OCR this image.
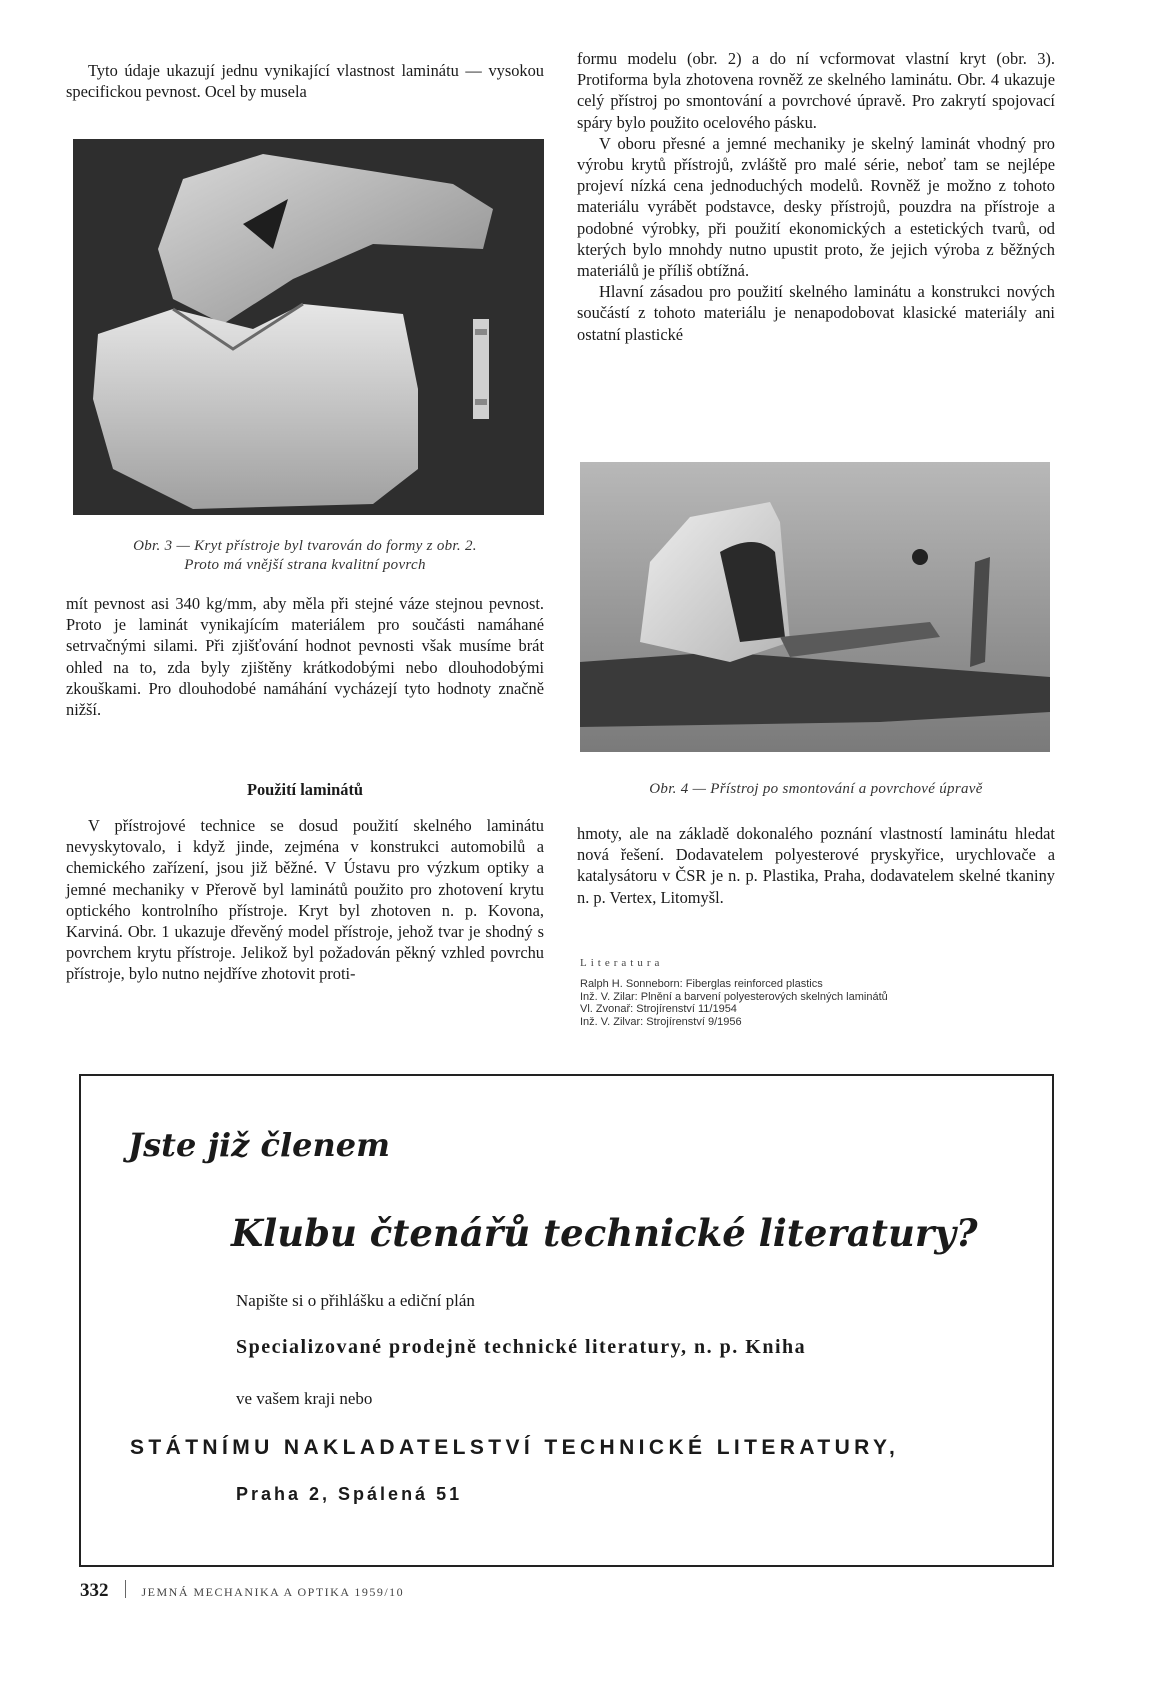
Tyto údaje ukazují jednu vynikající vlastnost laminátu — vysokou specifickou pevnost. Ocel by musela

Obr. 3 — Kryt přístroje byl tvarován do formy z obr. 2.
Proto má vnější strana kvalitní povrch

mít pevnost asi 340 kg/mm, aby měla při stejné váze stejnou pevnost. Proto je laminát vynikajícím materiálem pro součásti namáhané setrvačnými silami. Při zjišťování hodnot pevnosti však musíme brát ohled na to, zda byly zjištěny krátkodobými nebo dlouhodobými zkouškami. Pro dlouhodobé namáhání vycházejí tyto hodnoty značně nižší.

Použití laminátů

V přístrojové technice se dosud použití skelného laminátu nevyskytovalo, i když jinde, zejména v konstrukci automobilů a chemického zařízení, jsou již běžné. V Ústavu pro výzkum optiky a jemné mechaniky v Přerově byl laminátů použito pro zhotovení krytu optického kontrolního přístroje. Kryt byl zhotoven n. p. Kovona, Karviná. Obr. 1 ukazuje dřevěný model přístroje, jehož tvar je shodný s povrchem krytu přístroje. Jelikož byl požadován pěkný vzhled povrchu přístroje, bylo nutno nejdříve zhotovit proti-

formu modelu (obr. 2) a do ní vcformovat vlastní kryt (obr. 3). Protiforma byla zhotovena rovněž ze skelného laminátu. Obr. 4 ukazuje celý přístroj po smontování a povrchové úpravě. Pro zakrytí spojovací spáry bylo použito ocelového pásku.

V oboru přesné a jemné mechaniky je skelný laminát vhodný pro výrobu krytů přístrojů, zvláště pro malé série, neboť tam se nejlépe projeví nízká cena jednoduchých modelů. Rovněž je možno z tohoto materiálu vyrábět podstavce, desky přístrojů, pouzdra na přístroje a podobné výrobky, při použití ekonomických a estetických tvarů, od kterých bylo mnohdy nutno upustit proto, že jejich výroba z běžných materiálů je příliš obtížná.

Hlavní zásadou pro použití skelného laminátu a konstrukci nových součástí z tohoto materiálu je nenapodobovat klasické materiály ani ostatní plastické

Obr. 4 — Přístroj po smontování a povrchové úpravě

hmoty, ale na základě dokonalého poznání vlastností laminátu hledat nová řešení. Dodavatelem polyesterové pryskyřice, urychlovače a katalysátoru v ČSR je n. p. Plastika, Praha, dodavatelem skelné tkaniny n. p. Vertex, Litomyšl.

Literatura
Ralph H. Sonneborn: Fiberglas reinforced plastics
Inž. V. Zilar: Plnění a barvení polyesterových skelných laminátů
Vl. Zvonař: Strojírenství 11/1954
Inž. V. Zilvar: Strojírenství 9/1956
Jste již členem
Klubu čtenářů technické literatury?
Napište si o přihlášku a ediční plán
Specializované prodejně technické literatury, n. p. Kniha
ve vašem kraji nebo
STÁTNÍMU NAKLADATELSTVÍ TECHNICKÉ LITERATURY,
Praha 2, Spálená 51
332	JEMNÁ MECHANIKA A OPTIKA 1959/10
